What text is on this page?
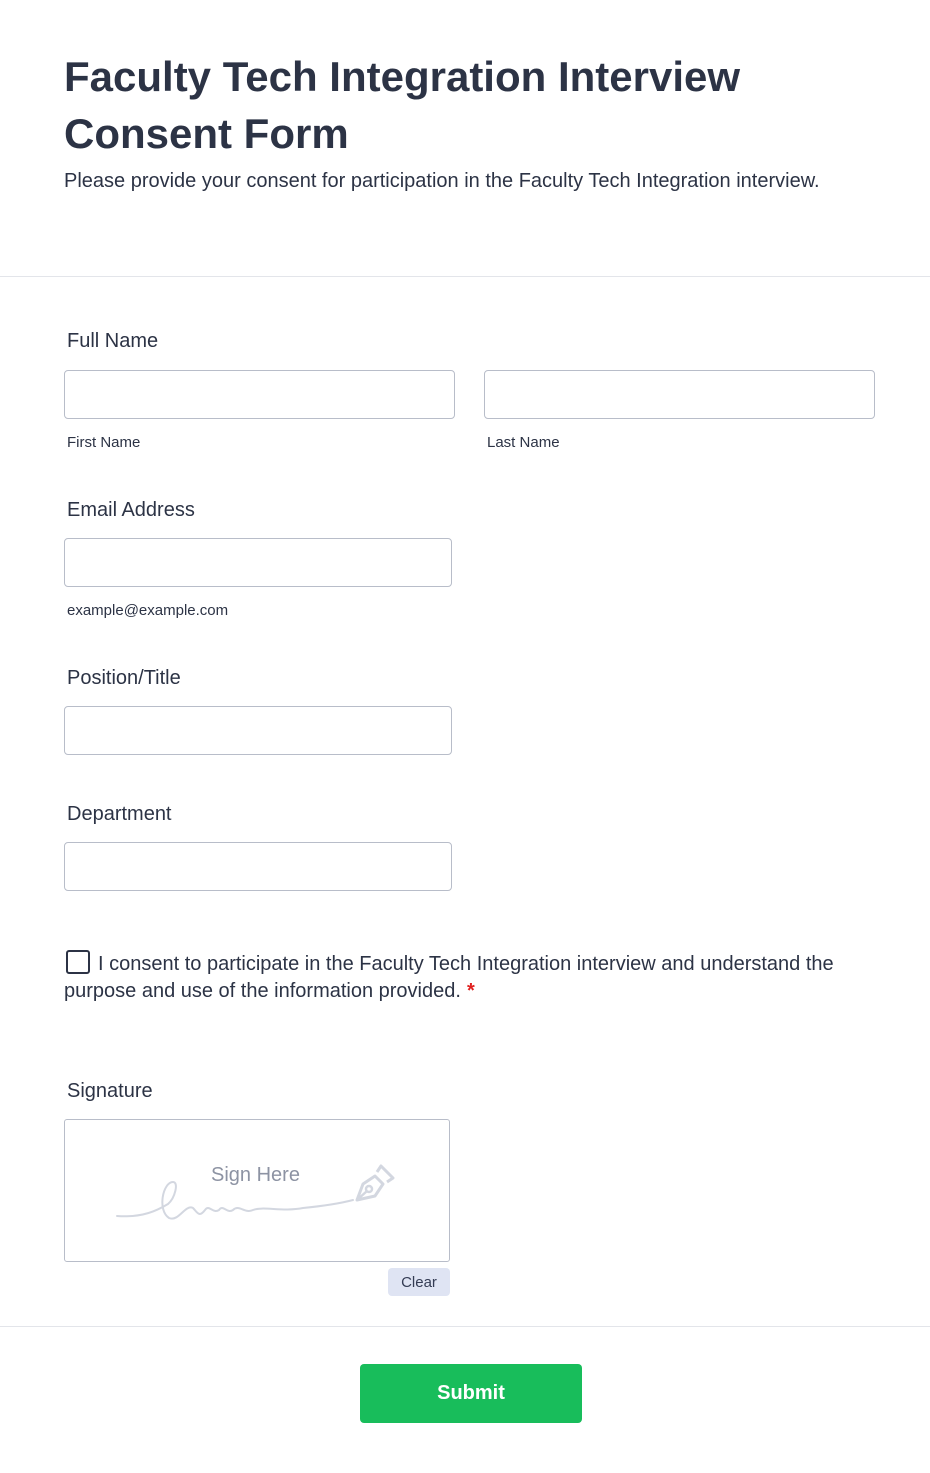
Faculty Tech Integration Interview Consent Form

Please provide your consent for participation in the Faculty Tech Integration interview.

Full Name
First Name	Last Name
Email Address
example@example.com
Position/Title
Department
I consent to participate in the Faculty Tech Integration interview and understand the purpose and use of the information provided. *
Signature
Sign Here
Clear
Submit
